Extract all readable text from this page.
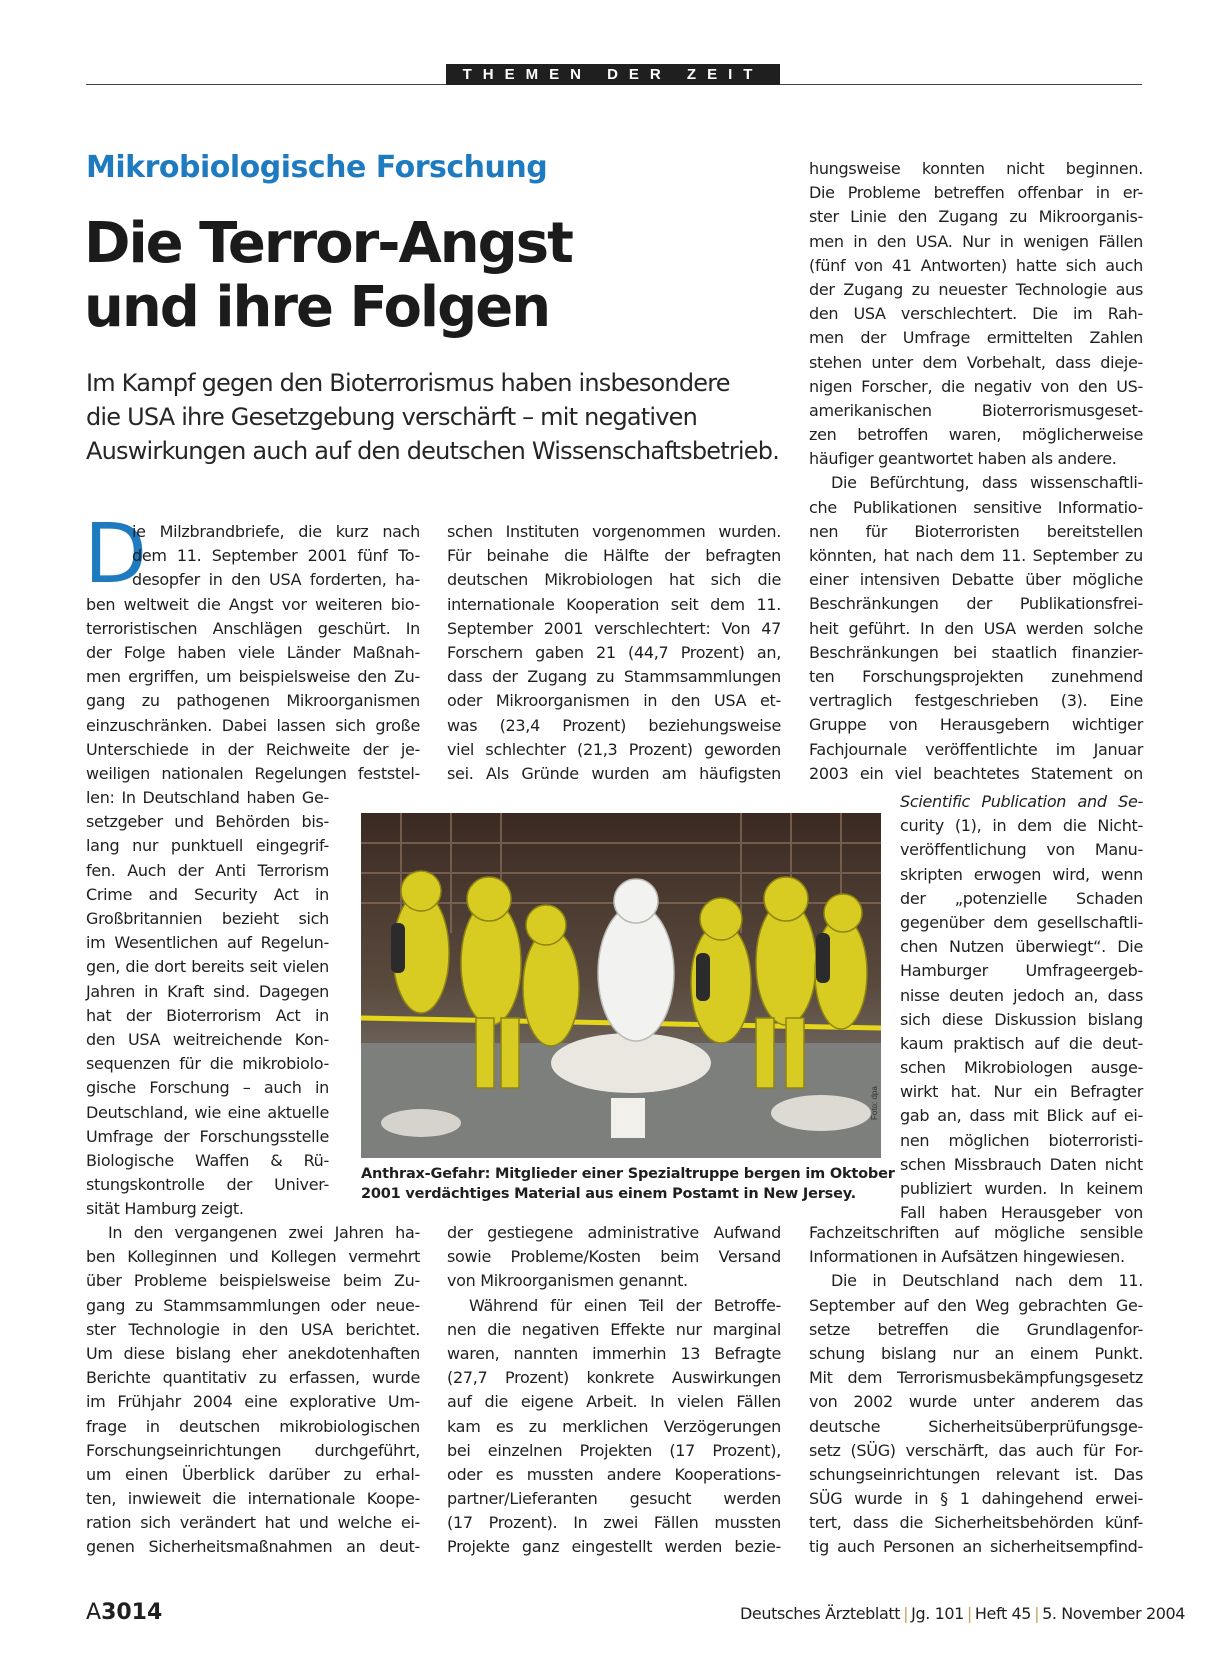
THEMEN DER ZEIT
Mikrobiologische Forschung
Die Terror-Angst
und ihre Folgen
Im Kampf gegen den Bioterrorismus haben insbesondere
die USA ihre Gesetzgebung verschärft – mit negativen
Auswirkungen auch auf den deutschen Wissenschaftsbetrieb.
D
ie Milzbrandbriefe, die kurz nach
dem 11. September 2001 fünf To-
desopfer in den USA forderten, ha-
ben weltweit die Angst vor weiteren bio-
terroristischen Anschlägen geschürt. In
der Folge haben viele Länder Maßnah-
men ergriffen, um beispielsweise den Zu-
gang zu pathogenen Mikroorganismen
einzuschränken. Dabei lassen sich große
Unterschiede in der Reichweite der je-
weiligen nationalen Regelungen feststel-
len: In Deutschland haben Ge-
setzgeber und Behörden bis-
lang nur punktuell eingegrif-
fen. Auch der Anti Terrorism
Crime and Security Act in
Großbritannien bezieht sich
im Wesentlichen auf Regelun-
gen, die dort bereits seit vielen
Jahren in Kraft sind. Dagegen
hat der Bioterrorism Act in
den USA weitreichende Kon-
sequenzen für die mikrobiolo-
gische Forschung – auch in
Deutschland, wie eine aktuelle
Umfrage der Forschungsstelle
Biologische Waffen & Rü-
stungskontrolle der Univer-
sität Hamburg zeigt.
In den vergangenen zwei Jahren ha-
ben Kolleginnen und Kollegen vermehrt
über Probleme beispielsweise beim Zu-
gang zu Stammsammlungen oder neue-
ster Technologie in den USA berichtet.
Um diese bislang eher anekdotenhaften
Berichte quantitativ zu erfassen, wurde
im Frühjahr 2004 eine explorative Um-
frage in deutschen mikrobiologischen
Forschungseinrichtungen durchgeführt,
um einen Überblick darüber zu erhal-
ten, inwieweit die internationale Koope-
ration sich verändert hat und welche ei-
genen Sicherheitsmaßnahmen an deut-
schen Instituten vorgenommen wurden.
Für beinahe die Hälfte der befragten
deutschen Mikrobiologen hat sich die
internationale Kooperation seit dem 11.
September 2001 verschlechtert: Von 47
Forschern gaben 21 (44,7 Prozent) an,
dass der Zugang zu Stammsammlungen
oder Mikroorganismen in den USA et-
was (23,4 Prozent) beziehungsweise
viel schlechter (21,3 Prozent) geworden
sei. Als Gründe wurden am häufigsten
der gestiegene administrative Aufwand
sowie Probleme/Kosten beim Versand
von Mikroorganismen genannt.
Während für einen Teil der Betroffe-
nen die negativen Effekte nur marginal
waren, nannten immerhin 13 Befragte
(27,7 Prozent) konkrete Auswirkungen
auf die eigene Arbeit. In vielen Fällen
kam es zu merklichen Verzögerungen
bei einzelnen Projekten (17 Prozent),
oder es mussten andere Kooperations-
partner/Lieferanten gesucht werden
(17 Prozent). In zwei Fällen mussten
Projekte ganz eingestellt werden bezie-
hungsweise konnten nicht beginnen.
Die Probleme betreffen offenbar in er-
ster Linie den Zugang zu Mikroorganis-
men in den USA. Nur in wenigen Fällen
(fünf von 41 Antworten) hatte sich auch
der Zugang zu neuester Technologie aus
den USA verschlechtert. Die im Rah-
men der Umfrage ermittelten Zahlen
stehen unter dem Vorbehalt, dass dieje-
nigen Forscher, die negativ von den US-
amerikanischen Bioterrorismusgeset-
zen betroffen waren, möglicherweise
häufiger geantwortet haben als andere.
Die Befürchtung, dass wissenschaftli-
che Publikationen sensitive Informatio-
nen für Bioterroristen bereitstellen
könnten, hat nach dem 11. September zu
einer intensiven Debatte über mögliche
Beschränkungen der Publikationsfrei-
heit geführt. In den USA werden solche
Beschränkungen bei staatlich finanzier-
ten Forschungsprojekten zunehmend
vertraglich festgeschrieben (3). Eine
Gruppe von Herausgebern wichtiger
Fachjournale veröffentlichte im Januar
2003 ein viel beachtetes Statement on
Scientific Publication and Se-
curity (1), in dem die Nicht-
veröffentlichung von Manu-
skripten erwogen wird, wenn
der „potenzielle Schaden
gegenüber dem gesellschaftli-
chen Nutzen überwiegt“. Die
Hamburger Umfrageergeb-
nisse deuten jedoch an, dass
sich diese Diskussion bislang
kaum praktisch auf die deut-
schen Mikrobiologen ausge-
wirkt hat. Nur ein Befragter
gab an, dass mit Blick auf ei-
nen möglichen bioterroristi-
schen Missbrauch Daten nicht
publiziert wurden. In keinem
Fall haben Herausgeber von
Fachzeitschriften auf mögliche sensible
Informationen in Aufsätzen hingewiesen.
Die in Deutschland nach dem 11.
September auf den Weg gebrachten Ge-
setze betreffen die Grundlagenfor-
schung bislang nur an einem Punkt.
Mit dem Terrorismusbekämpfungsgesetz
von 2002 wurde unter anderem das
deutsche Sicherheitsüberprüfungsge-
setz (SÜG) verschärft, das auch für For-
schungseinrichtungen relevant ist. Das
SÜG wurde in § 1 dahingehend erwei-
tert, dass die Sicherheitsbehörden künf-
tig auch Personen an sicherheitsempfind-
Foto: dpa
Anthrax-Gefahr: Mitglieder einer Spezialtruppe bergen im Oktober
2001 verdächtiges Material aus einem Postamt in New Jersey.
A3014	Deutsches Ärzteblatt | Jg. 101 | Heft 45 | 5. November 2004
